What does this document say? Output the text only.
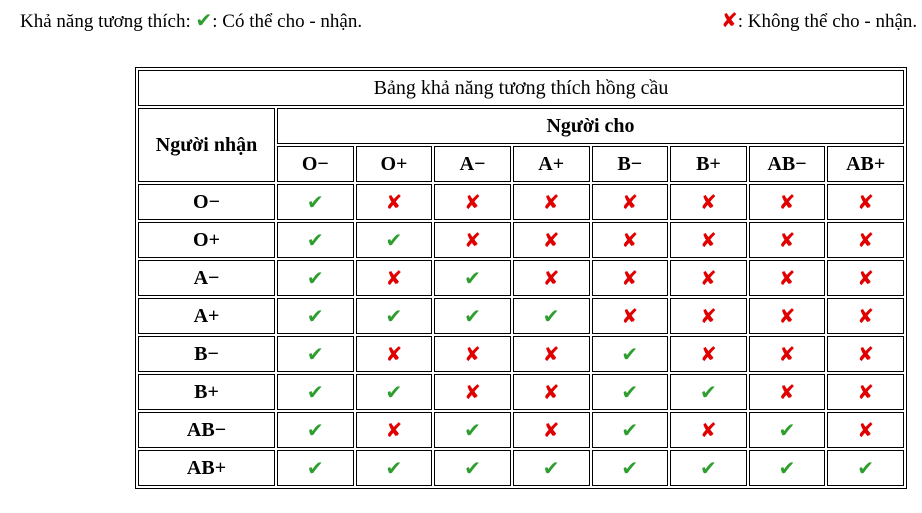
Khả năng tương thích: ✔: Có thể cho - nhận.	✘: Không thể cho - nhận.
Bảng khả năng tương thích hồng cầu								
Người nhận	Người cho							
	O−	O+	A−	A+	B−	B+	AB−	AB+
O−	✔	✘	✘	✘	✘	✘	✘	✘
O+	✔	✔	✘	✘	✘	✘	✘	✘
A−	✔	✘	✔	✘	✘	✘	✘	✘
A+	✔	✔	✔	✔	✘	✘	✘	✘
B−	✔	✘	✘	✘	✔	✘	✘	✘
B+	✔	✔	✘	✘	✔	✔	✘	✘
AB−	✔	✘	✔	✘	✔	✘	✔	✘
AB+	✔	✔	✔	✔	✔	✔	✔	✔
